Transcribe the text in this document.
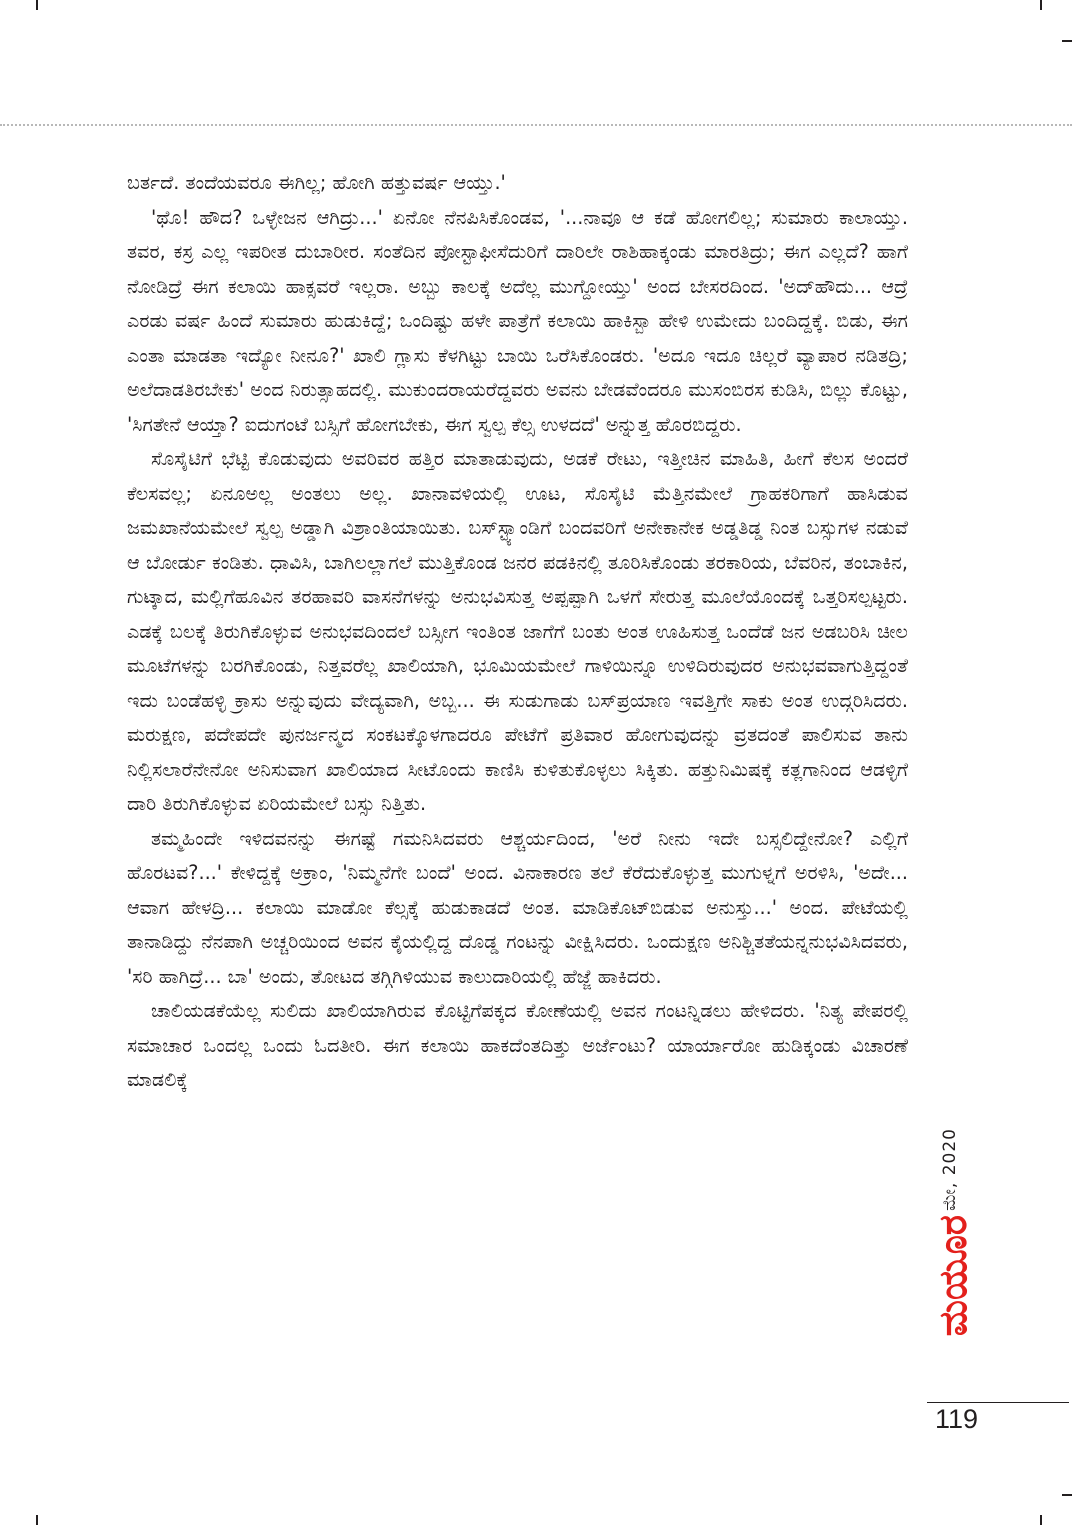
ಬರ್ತದೆ. ತಂದೆಯವರೂ ಈಗಿಲ್ಲ; ಹೋಗಿ ಹತ್ತುವರ್ಷ ಆಯ್ತು.'

'ಥೊ! ಹೌದ? ಒಳ್ಳೇಜನ ಆಗಿದ್ರು...' ಏನೋ ನೆನಪಿಸಿಕೊಂಡವ, '...ನಾವೂ ಆ ಕಡೆ ಹೋಗಲಿಲ್ಲ; ಸುಮಾರು ಕಾಲಾಯ್ತು. ತವರ, ಕಸ್ರ ಎಲ್ಲ ಇಪರೀತ ದುಬಾರೀರ. ಸಂತೆದಿನ ಪೋಸ್ಟಾಫೀಸೆದುರಿಗೆ ದಾರಿಲೇ ರಾಶಿಹಾಕ್ಕಂಡು ಮಾರತಿದ್ರು; ಈಗ ಎಲ್ಲದೆ? ಹಾಗೆ ನೋಡಿದ್ರೆ ಈಗ ಕಲಾಯಿ ಹಾಕ್ಸವರೆ ಇಲ್ಲರಾ. ಅಬ್ಬು ಕಾಲಕ್ಕೆ ಅದೆಲ್ಲ ಮುಗ್ದೋಯ್ತು' ಅಂದ ಬೇಸರದಿಂದ. 'ಅದ್‌ಹೌದು... ಆದ್ರೆ ಎರಡು ವರ್ಷ ಹಿಂದೆ ಸುಮಾರು ಹುಡುಕಿದ್ದೆ; ಒಂದಿಷ್ಟು ಹಳೇ ಪಾತ್ರೆಗೆ ಕಲಾಯಿ ಹಾಕಿಸ್ಬಾ ಹೇಳಿ ಉಮೇದು ಬಂದಿದ್ದಕ್ಕೆ. ಬಿಡು, ಈಗ ಎಂತಾ ಮಾಡತಾ ಇದ್ಯೋ ನೀನೂ?' ಖಾಲಿ ಗ್ಲಾಸು ಕೆಳಗಿಟ್ಟು ಬಾಯಿ ಒರೆಸಿಕೊಂಡರು. 'ಅದೂ ಇದೂ ಚಿಲ್ಲರೆ ವ್ಯಾಪಾರ ನಡಿತದ್ರಿ; ಅಲೆದಾಡತಿರಬೇಕು' ಅಂದ ನಿರುತ್ಸಾಹದಲ್ಲಿ. ಮುಕುಂದರಾಯರೆದ್ದವರು ಅವನು ಬೇಡವೆಂದರೂ ಮುಸಂಬಿರಸ ಕುಡಿಸಿ, ಬಿಲ್ಲು ಕೊಟ್ಟು, 'ಸಿಗತೇನೆ ಆಯ್ತಾ? ಐದುಗಂಟೆ ಬಸ್ಸಿಗೆ ಹೋಗಬೇಕು, ಈಗ ಸ್ವಲ್ಪ ಕೆಲ್ಸ ಉಳದದೆ' ಅನ್ನುತ್ತ ಹೊರಬಿದ್ದರು.

ಸೊಸೈಟಿಗೆ ಭೆಟ್ಟಿ ಕೊಡುವುದು ಅವರಿವರ ಹತ್ತಿರ ಮಾತಾಡುವುದು, ಅಡಕೆ ರೇಟು, ಇತ್ತೀಚಿನ ಮಾಹಿತಿ, ಹೀಗೆ ಕೆಲಸ ಅಂದರೆ ಕೆಲಸವಲ್ಲ; ಏನೂಅಲ್ಲ ಅಂತಲು ಅಲ್ಲ. ಖಾನಾವಳಿಯಲ್ಲಿ ಊಟ, ಸೊಸೈಟಿ ಮೆತ್ತಿನಮೇಲೆ ಗ್ರಾಹಕರಿಗಾಗೆ ಹಾಸಿಡುವ ಜಮಖಾನೆಯಮೇಲೆ ಸ್ವಲ್ಪ ಅಡ್ಡಾಗಿ ವಿಶ್ರಾಂತಿಯಾಯಿತು. ಬಸ್‌ಸ್ಟ್ಯಾಂಡಿಗೆ ಬಂದವರಿಗೆ ಅನೇಕಾನೇಕ ಅಡ್ಡತಿಡ್ಡ ನಿಂತ ಬಸ್ಸುಗಳ ನಡುವೆ ಆ ಬೋರ್ಡು ಕಂಡಿತು. ಧಾವಿಸಿ, ಬಾಗಿಲಲ್ಲಾಗಲೆ ಮುತ್ತಿಕೊಂಡ ಜನರ ಪಡಕಿನಲ್ಲಿ ತೂರಿಸಿಕೊಂಡು ತರಕಾರಿಯ, ಬೆವರಿನ, ತಂಬಾಕಿನ, ಗುಟ್ಕಾದ, ಮಲ್ಲಿಗೆಹೂವಿನ ತರಹಾವರಿ ವಾಸನೆಗಳನ್ನು ಅನುಭವಿಸುತ್ತ ಅಪ್ಪಪ್ಪಾಗಿ ಒಳಗೆ ಸೇರುತ್ತ ಮೂಲೆಯೊಂದಕ್ಕೆ ಒತ್ತರಿಸಲ್ಪಟ್ಟರು. ಎಡಕ್ಕೆ ಬಲಕ್ಕೆ ತಿರುಗಿಕೊಳ್ಳುವ ಅನುಭವದಿಂದಲೆ ಬಸ್ಸೀಗ ಇಂತಿಂತ ಜಾಗೆಗೆ ಬಂತು ಅಂತ ಊಹಿಸುತ್ತ ಒಂದೆಡೆ ಜನ ಅಡಬರಿಸಿ ಚೀಲ ಮೂಟೆಗಳನ್ನು ಬರಗಿಕೊಂಡು, ನಿತ್ತವರೆಲ್ಲ ಖಾಲಿಯಾಗಿ, ಭೂಮಿಯಮೇಲೆ ಗಾಳಿಯಿನ್ನೂ ಉಳಿದಿರುವುದರ ಅನುಭವವಾಗುತ್ತಿದ್ದಂತೆ ಇದು ಬಂಡೆಹಳ್ಳಿ ಕ್ರಾಸು ಅನ್ನುವುದು ವೇದ್ಯವಾಗಿ, ಅಬ್ಬ... ಈ ಸುಡುಗಾಡು ಬಸ್‌ಪ್ರಯಾಣ ಇವತ್ತಿಗೇ ಸಾಕು ಅಂತ ಉದ್ಗರಿಸಿದರು. ಮರುಕ್ಷಣ, ಪದೇಪದೇ ಪುನರ್ಜನ್ಮದ ಸಂಕಟಕ್ಕೊಳಗಾದರೂ ಪೇಟೆಗೆ ಪ್ರತಿವಾರ ಹೋಗುವುದನ್ನು ವ್ರತದಂತೆ ಪಾಲಿಸುವ ತಾನು ನಿಲ್ಲಿಸಲಾರೆನೇನೋ ಅನಿಸುವಾಗ ಖಾಲಿಯಾದ ಸೀಟೊಂದು ಕಾಣಿಸಿ ಕುಳಿತುಕೊಳ್ಳಲು ಸಿಕ್ಕಿತು. ಹತ್ತುನಿಮಿಷಕ್ಕೆ ಕತ್ಲಗಾನಿಂದ ಆಡಳ್ಳಿಗೆ ದಾರಿ ತಿರುಗಿಕೊಳ್ಳುವ ಏರಿಯಮೇಲೆ ಬಸ್ಸು ನಿತ್ತಿತು.

ತಮ್ಮಹಿಂದೇ ಇಳಿದವನನ್ನು ಈಗಷ್ಟೆ ಗಮನಿಸಿದವರು ಆಶ್ಚರ್ಯದಿಂದ, 'ಅರೆ ನೀನು ಇದೇ ಬಸ್ಸಲಿದ್ದೇನೋ? ಎಲ್ಲಿಗೆ ಹೊರಟವ?...' ಕೇಳಿದ್ದಕ್ಕೆ ಅಕ್ರಾಂ, 'ನಿಮ್ಮನೆಗೇ ಬಂದೆ' ಅಂದ. ವಿನಾಕಾರಣ ತಲೆ ಕೆರೆದುಕೊಳ್ಳುತ್ತ ಮುಗುಳ್ನಗೆ ಅರಳಿಸಿ, 'ಅದೇ... ಆವಾಗ ಹೇಳದ್ರಿ... ಕಲಾಯಿ ಮಾಡೋ ಕೆಲ್ಸಕ್ಕೆ ಹುಡುಕಾಡದೆ ಅಂತ. ಮಾಡಿಕೊಟ್‌ಬಿಡುವ ಅನುಸ್ತು...' ಅಂದ. ಪೇಟೆಯಲ್ಲಿ ತಾನಾಡಿದ್ದು ನೆನಪಾಗಿ ಅಚ್ಚರಿಯಿಂದ ಅವನ ಕೈಯಲ್ಲಿದ್ದ ದೊಡ್ಡ ಗಂಟನ್ನು ವೀಕ್ಷಿಸಿದರು. ಒಂದುಕ್ಷಣ ಅನಿಶ್ಚಿತತೆಯನ್ನನುಭವಿಸಿದವರು, 'ಸರಿ ಹಾಗಿದ್ರೆ... ಬಾ' ಅಂದು, ತೋಟದ ತಗ್ಗಿಗಿಳಿಯುವ ಕಾಲುದಾರಿಯಲ್ಲಿ ಹೆಜ್ಜೆ ಹಾಕಿದರು.

ಚಾಲಿಯಡಕೆಯೆಲ್ಲ ಸುಲಿದು ಖಾಲಿಯಾಗಿರುವ ಕೊಟ್ಟಿಗೆಪಕ್ಕದ ಕೋಣೆಯಲ್ಲಿ ಅವನ ಗಂಟನ್ನಿಡಲು ಹೇಳಿದರು. 'ನಿತ್ಯ ಪೇಪರಲ್ಲಿ ಸಮಾಚಾರ ಒಂದಲ್ಲ ಒಂದು ಓದತೀರಿ. ಈಗ ಕಲಾಯಿ ಹಾಕದೆಂತದಿತ್ತು ಅರ್ಜೆಂಟು? ಯಾರ್ಯಾರೋ ಹುಡಿಕ್ಕಂಡು ವಿಚಾರಣೆ ಮಾಡಲಿಕ್ಕೆ

ಮೇ, 2020
ಮಯೂರ
119
